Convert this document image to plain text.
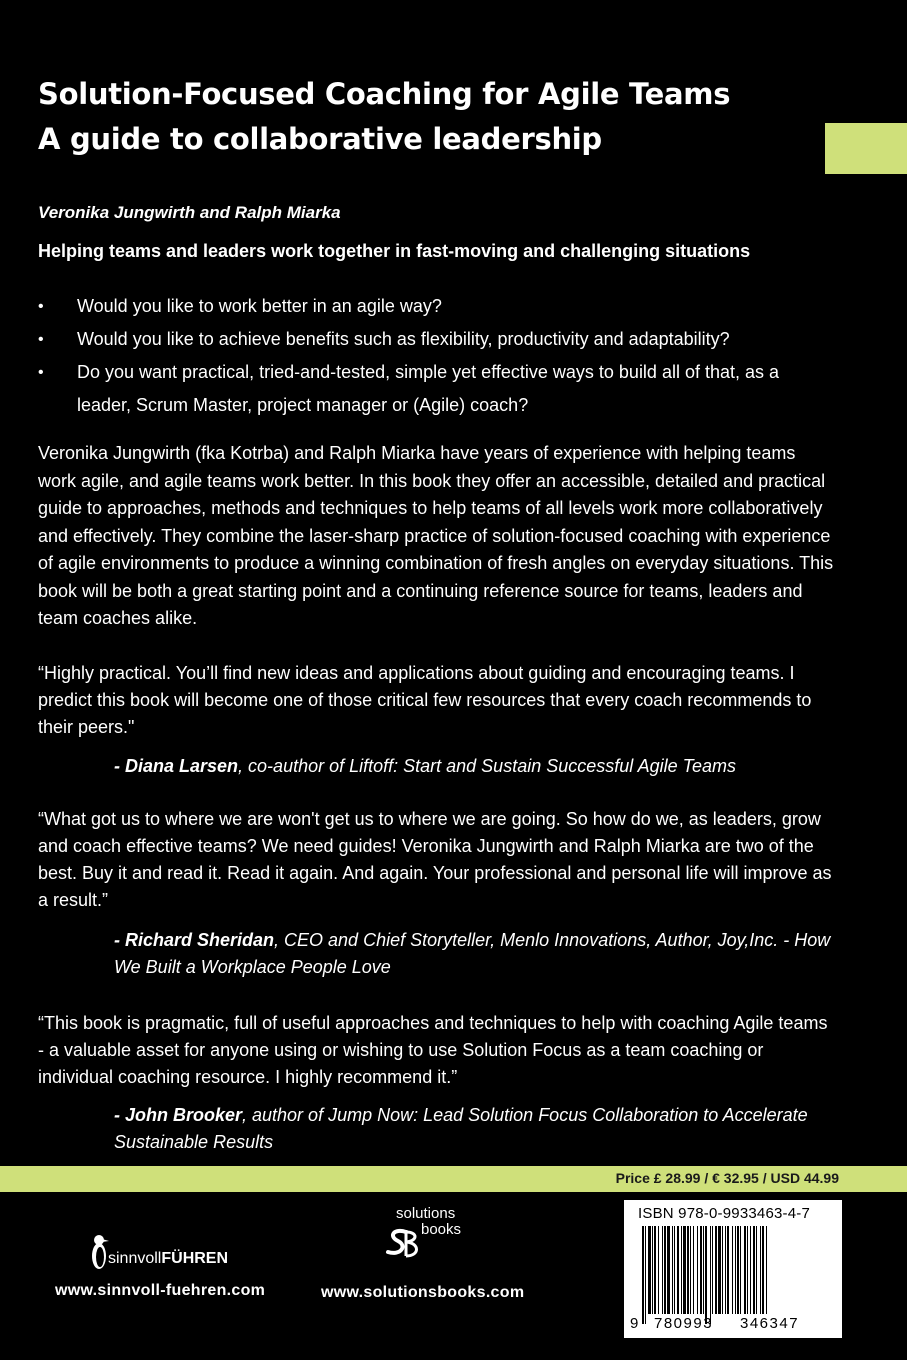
Solution-Focused Coaching for Agile Teams
A guide to collaborative leadership
Veronika Jungwirth and Ralph Miarka
Helping teams and leaders work together in fast-moving and challenging situations
• Would you like to work better in an agile way?
• Would you like to achieve benefits such as flexibility, productivity and adaptability?
• Do you want practical, tried-and-tested, simple yet effective ways to build all of that, as a leader, Scrum Master, project manager or (Agile) coach?

Veronika Jungwirth (fka Kotrba) and Ralph Miarka have years of experience with helping teams work agile, and agile teams work better. In this book they offer an accessible, detailed and practical guide to approaches, methods and techniques to help teams of all levels work more collaboratively and effectively. They combine the laser-sharp practice of solution-focused coaching with experience of agile environments to produce a winning combination of fresh angles on everyday situations. This book will be both a great starting point and a continuing reference source for teams, leaders and team coaches alike.

“Highly practical. You’ll find new ideas and applications about guiding and encouraging teams. I predict this book will become one of those critical few resources that every coach recommends to their peers."

- Diana Larsen, co-author of Liftoff: Start and Sustain Successful Agile Teams

“What got us to where we are won't get us to where we are going. So how do we, as leaders, grow and coach effective teams? We need guides! Veronika Jungwirth and Ralph Miarka are two of the best. Buy it and read it. Read it again. And again. Your professional and personal life will improve as a result.”

- Richard Sheridan, CEO and Chief Storyteller, Menlo Innovations, Author, Joy,Inc. - How We Built a Workplace People Love

“This book is pragmatic, full of useful approaches and techniques to help with coaching Agile teams - a valuable asset for anyone using or wishing to use Solution Focus as a team coaching or individual coaching resource. I highly recommend it.”

- John Brooker, author of Jump Now: Lead Solution Focus Collaboration to Accelerate Sustainable Results

Price £ 28.99 / € 32.95 / USD 44.99
sinnvollFÜHREN
www.sinnvoll-fuehren.com
solutions
books
www.solutionsbooks.com
ISBN 978-0-9933463-4-7
9 780993 346347
